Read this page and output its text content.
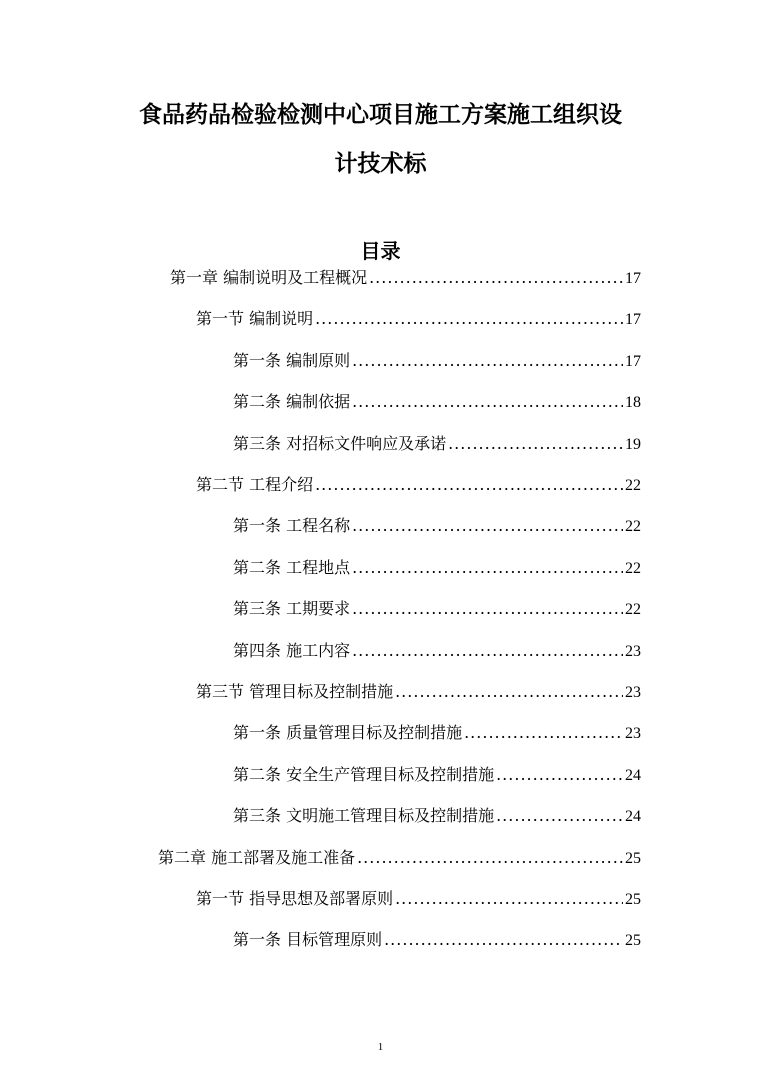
食品药品检验检测中心项目施工方案施工组织设
计技术标
目录
第一章 编制说明及工程概况 .....	17
第一节 编制说明 .....	17
第一条 编制原则 .....	17
第二条 编制依据 .....	18
第三条 对招标文件响应及承诺 .....	19
第二节 工程介绍 .....	22
第一条 工程名称 .....	22
第二条 工程地点 .....	22
第三条 工期要求 .....	22
第四条 施工内容 .....	23
第三节 管理目标及控制措施 .....	23
第一条 质量管理目标及控制措施 .....	23
第二条 安全生产管理目标及控制措施 .....	24
第三条 文明施工管理目标及控制措施 .....	24
第二章 施工部署及施工准备 .....	25
第一节 指导思想及部署原则 .....	25
第一条 目标管理原则 .....	25
1
